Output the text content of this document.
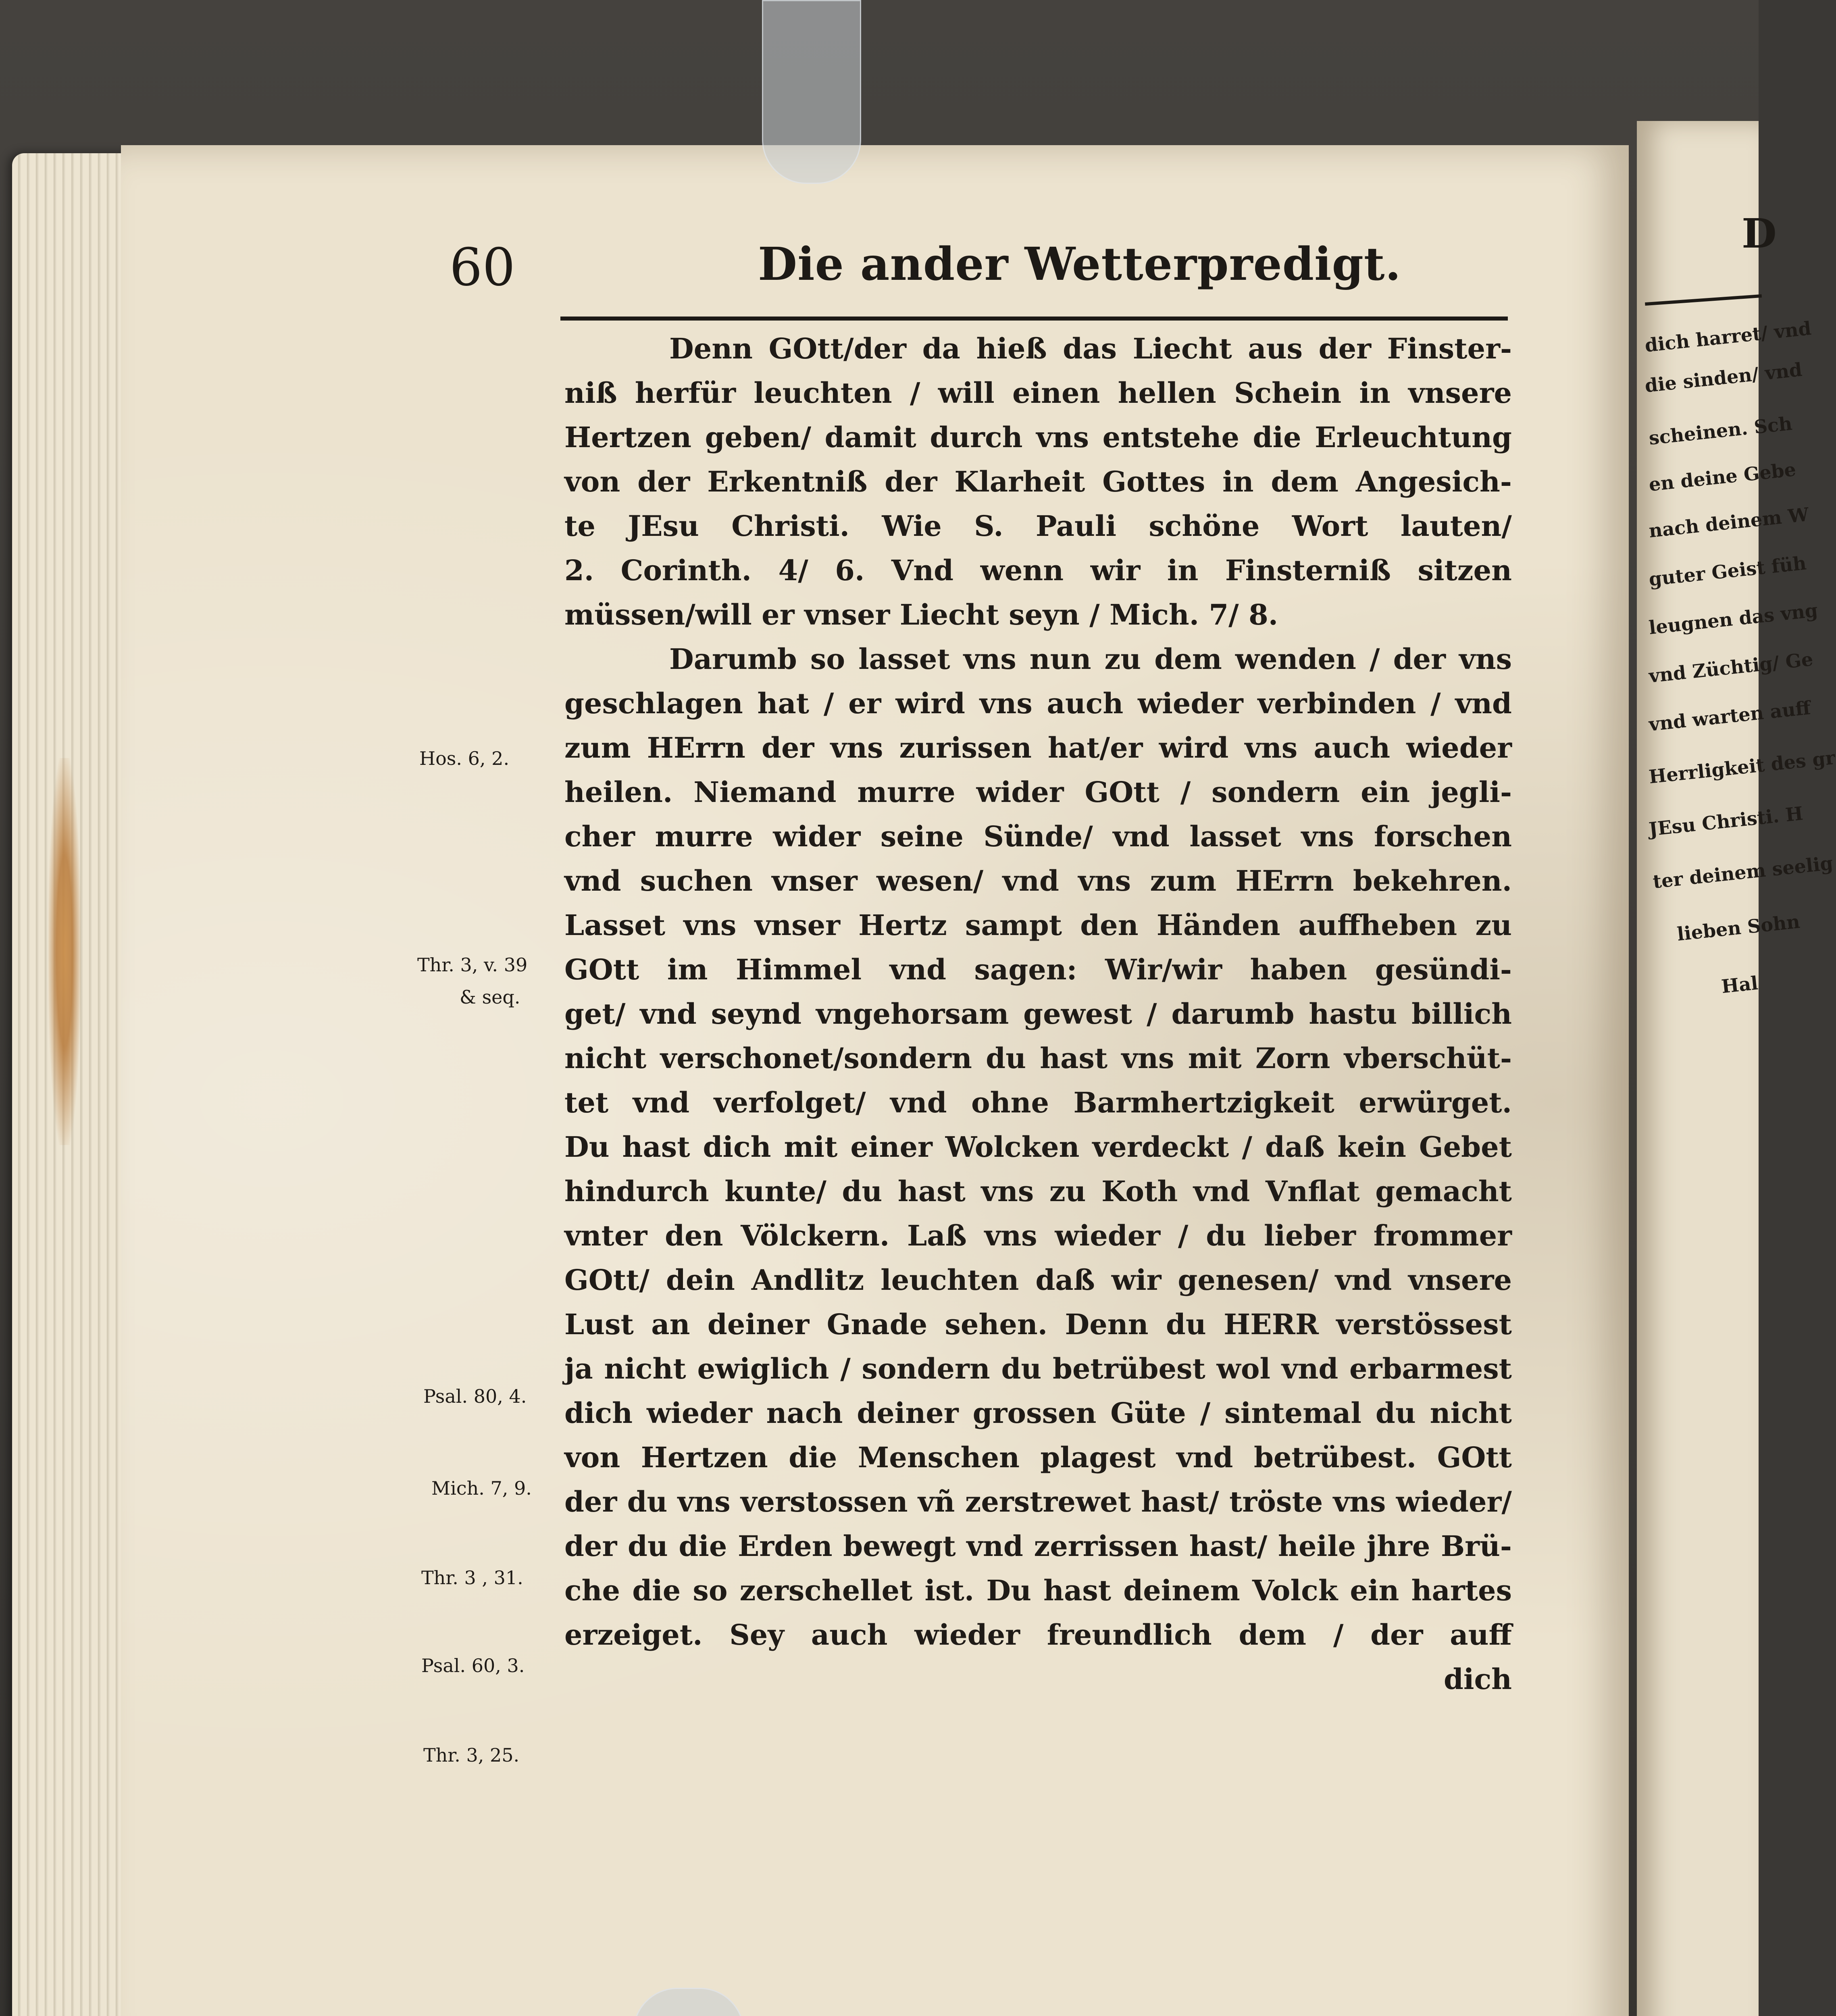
60	Die ander Wetterpredigt.
Denn GOtt/der da hieß das Liecht aus der Finster-
niß herfür leuchten / will einen hellen Schein in vnsere
Hertzen geben/ damit durch vns entstehe die Erleuchtung
von der Erkentniß der Klarheit Gottes in dem Angesich-
te JEsu Christi. Wie S. Pauli schöne Wort lauten/
2. Corinth. 4/ 6. Vnd wenn wir in Finsterniß sitzen
müssen/will er vnser Liecht seyn / Mich. 7/ 8.
Darumb so lasset vns nun zu dem wenden / der vns
geschlagen hat / er wird vns auch wieder verbinden / vnd
zum HErrn der vns zurissen hat/er wird vns auch wieder
heilen. Niemand murre wider GOtt / sondern ein jegli-
cher murre wider seine Sünde/ vnd lasset vns forschen
vnd suchen vnser wesen/ vnd vns zum HErrn bekehren.
Lasset vns vnser Hertz sampt den Händen auffheben zu
GOtt im Himmel vnd sagen: Wir/wir haben gesündi-
get/ vnd seynd vngehorsam gewest / darumb hastu billich
nicht verschonet/sondern du hast vns mit Zorn vberschüt-
tet vnd verfolget/ vnd ohne Barmhertzigkeit erwürget.
Du hast dich mit einer Wolcken verdeckt / daß kein Gebet
hindurch kunte/ du hast vns zu Koth vnd Vnflat gemacht
vnter den Völckern. Laß vns wieder / du lieber frommer
GOtt/ dein Andlitz leuchten daß wir genesen/ vnd vnsere
Lust an deiner Gnade sehen. Denn du HERR verstössest
ja nicht ewiglich / sondern du betrübest wol vnd erbarmest
dich wieder nach deiner grossen Güte / sintemal du nicht
von Hertzen die Menschen plagest vnd betrübest. GOtt
der du vns verstossen vñ zerstrewet hast/ tröste vns wieder/
der du die Erden bewegt vnd zerrissen hast/ heile jhre Brü-
che die so zerschellet ist. Du hast deinem Volck ein hartes
erzeiget. Sey auch wieder freundlich dem / der auff
dich
Hos. 6, 2.
Thr. 3, v. 39
& seq.
Psal. 80, 4.
Mich. 7, 9.
Thr. 3 , 31.
Psal. 60, 3.
Thr. 3, 25.
D
dich harret/ vnd
die sinden/ vnd
scheinen. Sch
en deine Gebe
nach deinem W
guter Geist füh
leugnen das vng
vnd Züchtig/ Ge
vnd warten auff
Herrligkeit des gr
JEsu Christi. H
ter deinem seelig
lieben Sohn
Hal
